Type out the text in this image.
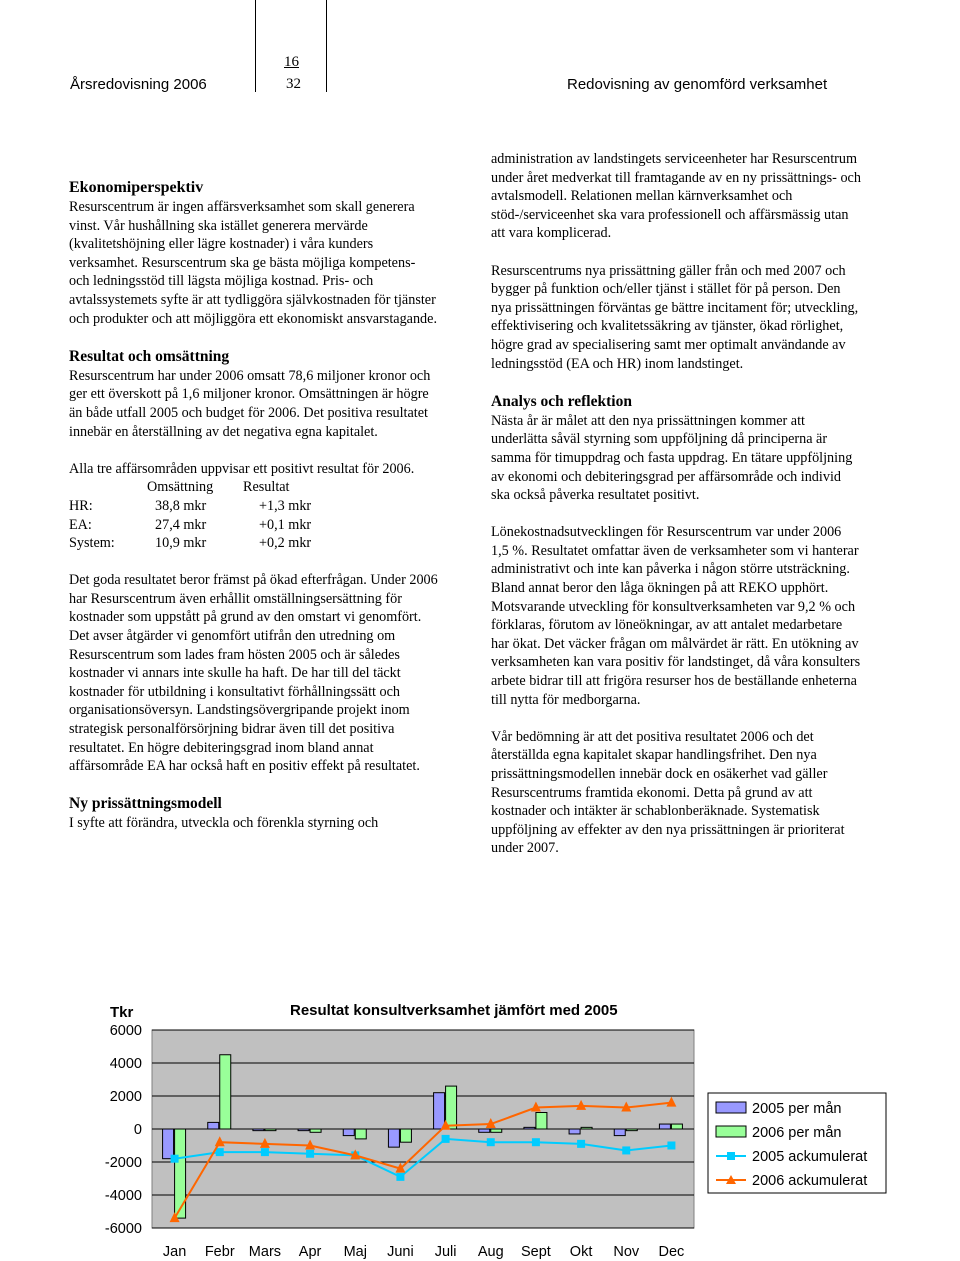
Årsredovisning 2006
16
32	Redovisning av genomförd verksamhet
Ekonomiperspektiv

Resurscentrum är ingen affärsverksamhet som skall generera vinst. Vår hushållning ska istället generera mervärde (kvalitetshöjning eller lägre kostnader) i våra kunders verksamhet. Resurscentrum ska ge bästa möjliga kompetens- och ledningsstöd till lägsta möjliga kostnad. Pris- och avtalssystemets syfte är att tydliggöra självkostnaden för tjänster och produkter och att möjliggöra ett ekonomiskt ansvarstagande.

Resultat och omsättning

Resurscentrum har under 2006 omsatt 78,6 miljoner kronor och ger ett överskott på 1,6 miljoner kronor. Omsättningen är högre än både utfall 2005 och budget för 2006. Det positiva resultatet innebär en återställning av det negativa egna kapitalet.

Alla tre affärsområden uppvisar ett positivt resultat för 2006.

	Omsättning	Resultat
HR:	38,8 mkr	+1,3 mkr
EA:	27,4 mkr	+0,1 mkr
System:	10,9 mkr	+0,2 mkr

Det goda resultatet beror främst på ökad efterfrågan. Under 2006 har Resurscentrum även erhållit omställningsersättning för kostnader som uppstått på grund av den omstart vi genomfört. Det avser åtgärder vi genomfört utifrån den utredning om Resurscentrum som lades fram hösten 2005 och är således kostnader vi annars inte skulle ha haft. De har till del täckt kostnader för utbildning i konsultativt förhållningssätt och organisationsöversyn. Landstingsövergripande projekt inom strategisk personalförsörjning bidrar även till det positiva resultatet. En högre debiteringsgrad inom bland annat affärsområde EA har också haft en positiv effekt på resultatet.

Ny prissättningsmodell

I syfte att förändra, utveckla och förenkla styrning och

administration av landstingets serviceenheter har Resurscentrum under året medverkat till framtagande av en ny prissättnings- och avtalsmodell. Relationen mellan kärnverksamhet och stöd-/serviceenhet ska vara professionell och affärsmässig utan att vara komplicerad.

Resurscentrums nya prissättning gäller från och med 2007 och bygger på funktion och/eller tjänst i stället för på person. Den nya prissättningen förväntas ge bättre incitament för; utveckling, effektivisering och kvalitetssäkring av tjänster, ökad rörlighet, högre grad av specialisering samt mer optimalt användande av ledningsstöd (EA och HR) inom landstinget.

Analys och reflektion

Nästa år är målet att den nya prissättningen kommer att underlätta såväl styrning som uppföljning då principerna är samma för timuppdrag och fasta uppdrag. En tätare uppföljning av ekonomi och debiteringsgrad per affärsområde och individ ska också påverka resultatet positivt.

Lönekostnadsutvecklingen för Resurscentrum var under 2006 1,5 %. Resultatet omfattar även de verksamheter som vi hanterar administrativt och inte kan påverka i någon större utsträckning. Bland annat beror den låga ökningen på att REKO upphört. Motsvarande utveckling för konsultverksamheten var 9,2 % och förklaras, förutom av löneökningar, av att antalet medarbetare har ökat. Det väcker frågan om målvärdet är rätt. En utökning av verksamheten kan vara positiv för landstinget, då våra konsulters arbete bidrar till att frigöra resurser hos de beställande enheterna till nytta för medborgarna.

Vår bedömning är att det positiva resultatet 2006 och det återställda egna kapitalet skapar handlingsfrihet. Den nya prissättningsmodellen innebär dock en osäkerhet vad gäller Resurscentrums framtida ekonomi. Detta på grund av att kostnader och intäkter är schablonberäknade. Systematisk uppföljning av effekter av den nya prissättningen är prioriterat under 2007.

Tkr	Resultat konsultverksamhet jämfört med 2005
6000
4000
2000
0
-2000
-4000
-6000
Jan Febr Mars Apr Maj Juni Juli Aug Sept Okt Nov Dec
2005 per mån
2006 per mån
2005 ackumulerat
2006 ackumulerat
